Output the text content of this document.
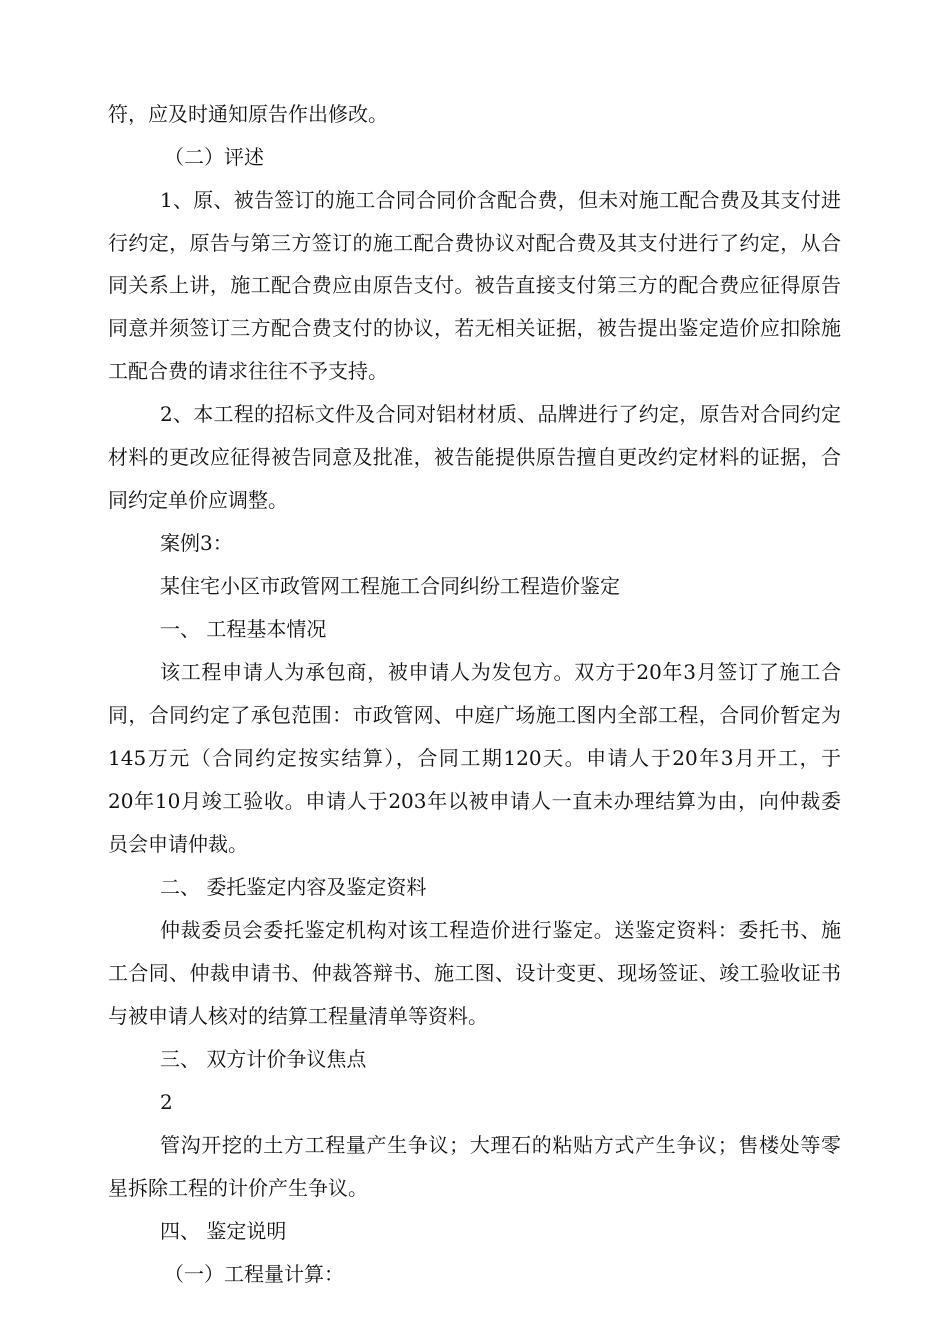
符，应及时通知原告作出修改。
（二）评述
1、原、被告签订的施工合同合同价含配合费，但未对施工配合费及其支付进
行约定，原告与第三方签订的施工配合费协议对配合费及其支付进行了约定，从合
同关系上讲，施工配合费应由原告支付。被告直接支付第三方的配合费应征得原告
同意并须签订三方配合费支付的协议，若无相关证据，被告提出鉴定造价应扣除施
工配合费的请求往往不予支持。
2、本工程的招标文件及合同对铝材材质、品牌进行了约定，原告对合同约定
材料的更改应征得被告同意及批准，被告能提供原告擅自更改约定材料的证据，合
同约定单价应调整。
案例3：
某住宅小区市政管网工程施工合同纠纷工程造价鉴定
一、 工程基本情况
该工程申请人为承包商，被申请人为发包方。双方于20年3月签订了施工合
同，合同约定了承包范围：市政管网、中庭广场施工图内全部工程，合同价暂定为
145万元（合同约定按实结算），合同工期120天。申请人于20年3月开工，于
20年10月竣工验收。申请人于203年以被申请人一直未办理结算为由，向仲裁委
员会申请仲裁。
二、 委托鉴定内容及鉴定资料
仲裁委员会委托鉴定机构对该工程造价进行鉴定。送鉴定资料：委托书、施
工合同、仲裁申请书、仲裁答辩书、施工图、设计变更、现场签证、竣工验收证书
与被申请人核对的结算工程量清单等资料。
三、 双方计价争议焦点
2
管沟开挖的土方工程量产生争议；大理石的粘贴方式产生争议；售楼处等零
星拆除工程的计价产生争议。
四、 鉴定说明
（一）工程量计算：
